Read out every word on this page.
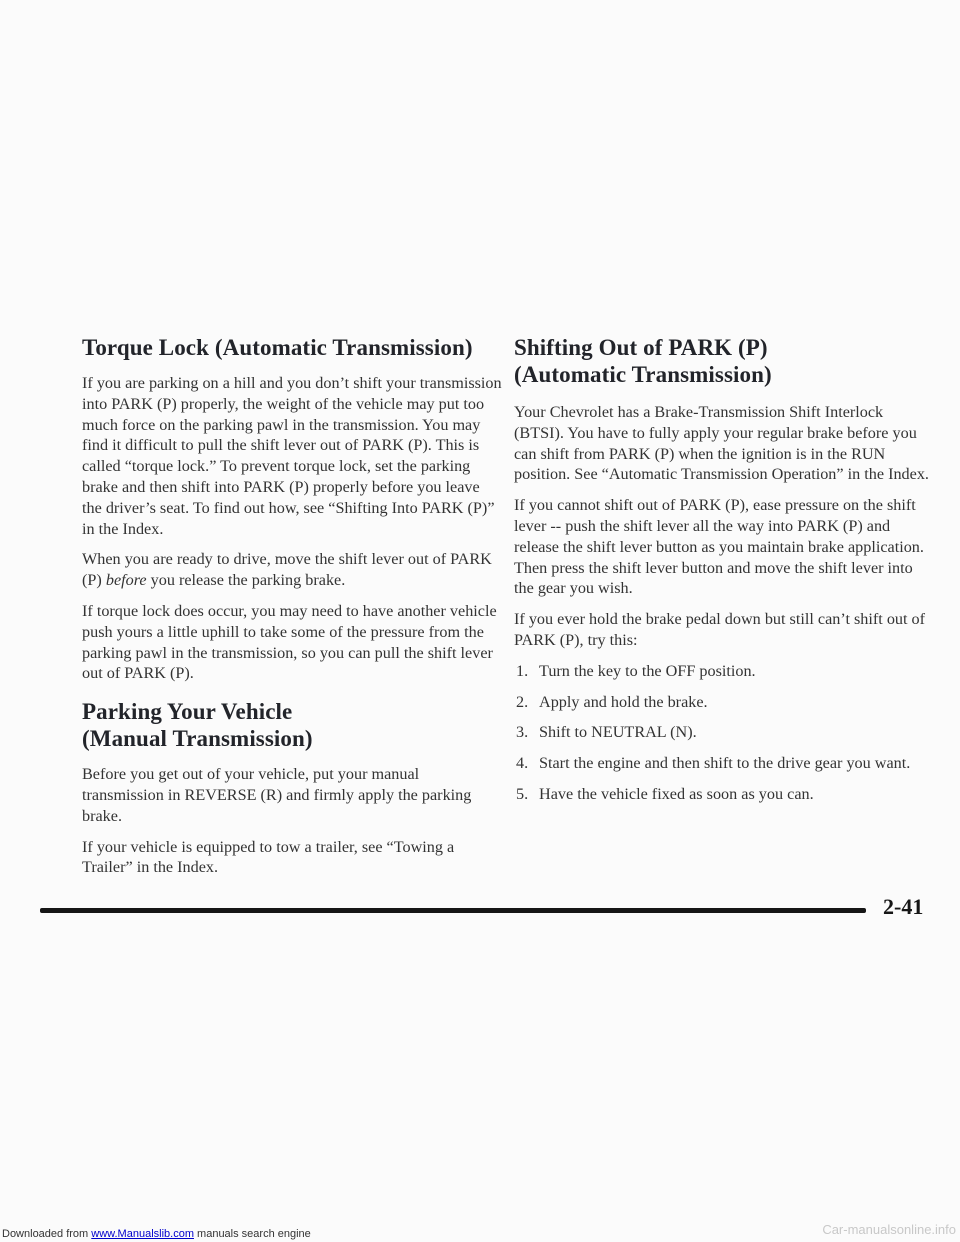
Torque Lock (Automatic Transmission)

If you are parking on a hill and you don’t shift your transmission into PARK (P) properly, the weight of the vehicle may put too much force on the parking pawl in the transmission. You may find it difficult to pull the shift lever out of PARK (P). This is called “torque lock.” To prevent torque lock, set the parking brake and then shift into PARK (P) properly before you leave the driver’s seat. To find out how, see “Shifting Into PARK (P)” in the Index.

When you are ready to drive, move the shift lever out of PARK (P) before you release the parking brake.

If torque lock does occur, you may need to have another vehicle push yours a little uphill to take some of the pressure from the parking pawl in the transmission, so you can pull the shift lever out of PARK (P).

Parking Your Vehicle
(Manual Transmission)

Before you get out of your vehicle, put your manual transmission in REVERSE (R) and firmly apply the parking brake.

If your vehicle is equipped to tow a trailer, see “Towing a Trailer” in the Index.

Shifting Out of PARK (P)
(Automatic Transmission)

Your Chevrolet has a Brake-Transmission Shift Interlock (BTSI). You have to fully apply your regular brake before you can shift from PARK (P) when the ignition is in the RUN position. See “Automatic Transmission Operation” in the Index.

If you cannot shift out of PARK (P), ease pressure on the shift lever -- push the shift lever all the way into PARK (P) and release the shift lever button as you maintain brake application. Then press the shift lever button and move the shift lever into the gear you wish.

If you ever hold the brake pedal down but still can’t shift out of PARK (P), try this:

1. Turn the key to the OFF position.
2. Apply and hold the brake.
3. Shift to NEUTRAL (N).
4. Start the engine and then shift to the drive gear you want.
5. Have the vehicle fixed as soon as you can.
2-41
Downloaded from www.Manualslib.com manuals search engine	Car-manualsonline.info
